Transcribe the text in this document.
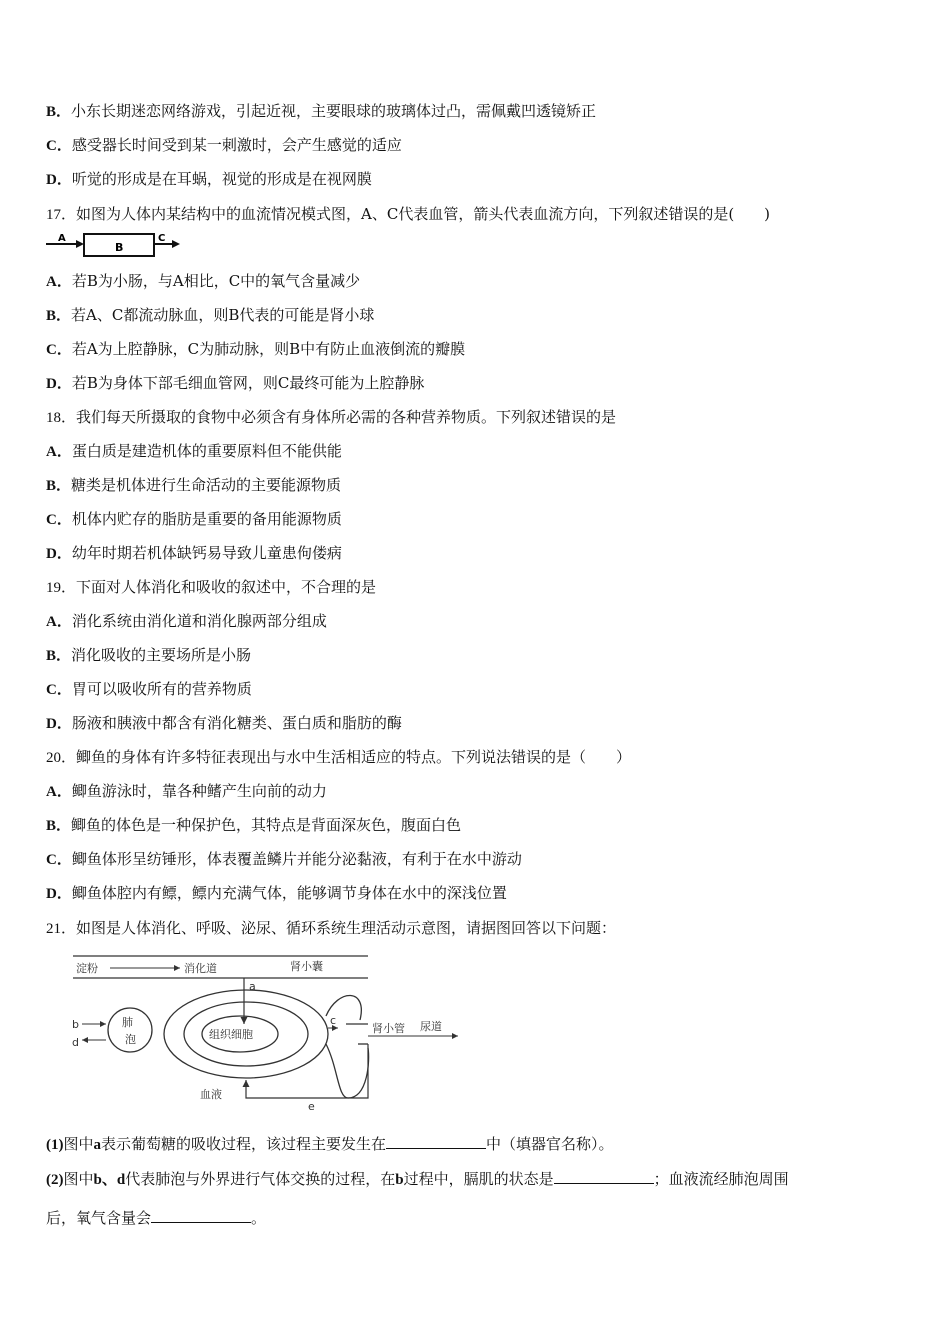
B．小东长期迷恋网络游戏，引起近视，主要眼球的玻璃体过凸，需佩戴凹透镜矫正
C．感受器长时间受到某一刺激时，会产生感觉的适应
D．听觉的形成是在耳蜗，视觉的形成是在视网膜
17．如图为人体内某结构中的血流情况模式图，A、C代表血管，箭头代表血流方向，下列叙述错误的是(　　)
A
B
C
A．若B为小肠，与A相比，C中的氧气含量减少
B．若A、C都流动脉血，则B代表的可能是肾小球
C．若A为上腔静脉，C为肺动脉，则B中有防止血液倒流的瓣膜
D．若B为身体下部毛细血管网，则C最终可能为上腔静脉
18．我们每天所摄取的食物中必须含有身体所必需的各种营养物质。下列叙述错误的是
A．蛋白质是建造机体的重要原料但不能供能
B．糖类是机体进行生命活动的主要能源物质
C．机体内贮存的脂肪是重要的备用能源物质
D．幼年时期若机体缺钙易导致儿童患佝偻病
19．下面对人体消化和吸收的叙述中，不合理的是
A．消化系统由消化道和消化腺两部分组成
B．消化吸收的主要场所是小肠
C．胃可以吸收所有的营养物质
D．肠液和胰液中都含有消化糖类、蛋白质和脂肪的酶
20．鲫鱼的身体有许多特征表现出与水中生活相适应的特点。下列说法错误的是（　　）
A．鲫鱼游泳时，靠各种鳍产生向前的动力
B．鲫鱼的体色是一种保护色，其特点是背面深灰色，腹面白色
C．鲫鱼体形呈纺锤形，体表覆盖鳞片并能分泌黏液，有利于在水中游动
D．鲫鱼体腔内有鳔，鳔内充满气体，能够调节身体在水中的深浅位置
21．如图是人体消化、呼吸、泌尿、循环系统生理活动示意图，请据图回答以下问题：
淀粉	消化道
a
肺
泡
b
d
组织细胞
血液
c
肾小囊
肾小管 尿道
e
(1)图中a表示葡萄糖的吸收过程，该过程主要发生在	中（填器官名称）。
(2)图中b、d代表肺泡与外界进行气体交换的过程，在b过程中，膈肌的状态是	；血液流经肺泡周围
后，氧气含量会	。
